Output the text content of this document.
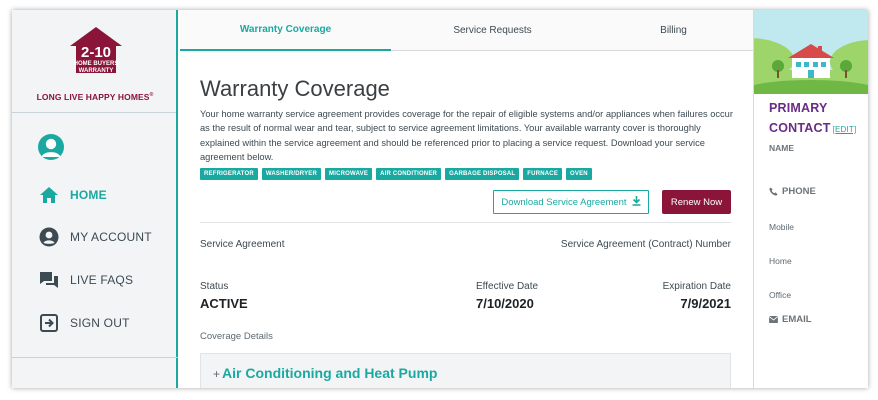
2-10
HOME BUYERS
WARRANTY
LONG LIVE HAPPY HOMES®
HOME
MY ACCOUNT
LIVE FAQS
SIGN OUT
Warranty Coverage	Service Requests	Billing
Warranty Coverage
Your home warranty service agreement provides coverage for the repair of eligible systems and/or appliances when failures occur as the result of normal wear and tear, subject to service agreement limitations. Your available warranty cover is thoroughly explained within the service agreement and should be referenced prior to placing a service request. Download your service agreement below.
REFRIGERATOR	WASHER/DRYER	MICROWAVE	AIR CONDITIONER	GARBAGE DISPOSAL	FURNACE	OVEN
Download Service Agreement	Renew Now
Service Agreement	Service Agreement (Contract) Number
Status
ACTIVE
Effective Date
7/10/2020
Expiration Date
7/9/2021
Coverage Details
+ Air Conditioning and Heat Pump
PRIMARY
CONTACT [EDIT]
NAME
PHONE
Mobile
Home
Office
EMAIL
